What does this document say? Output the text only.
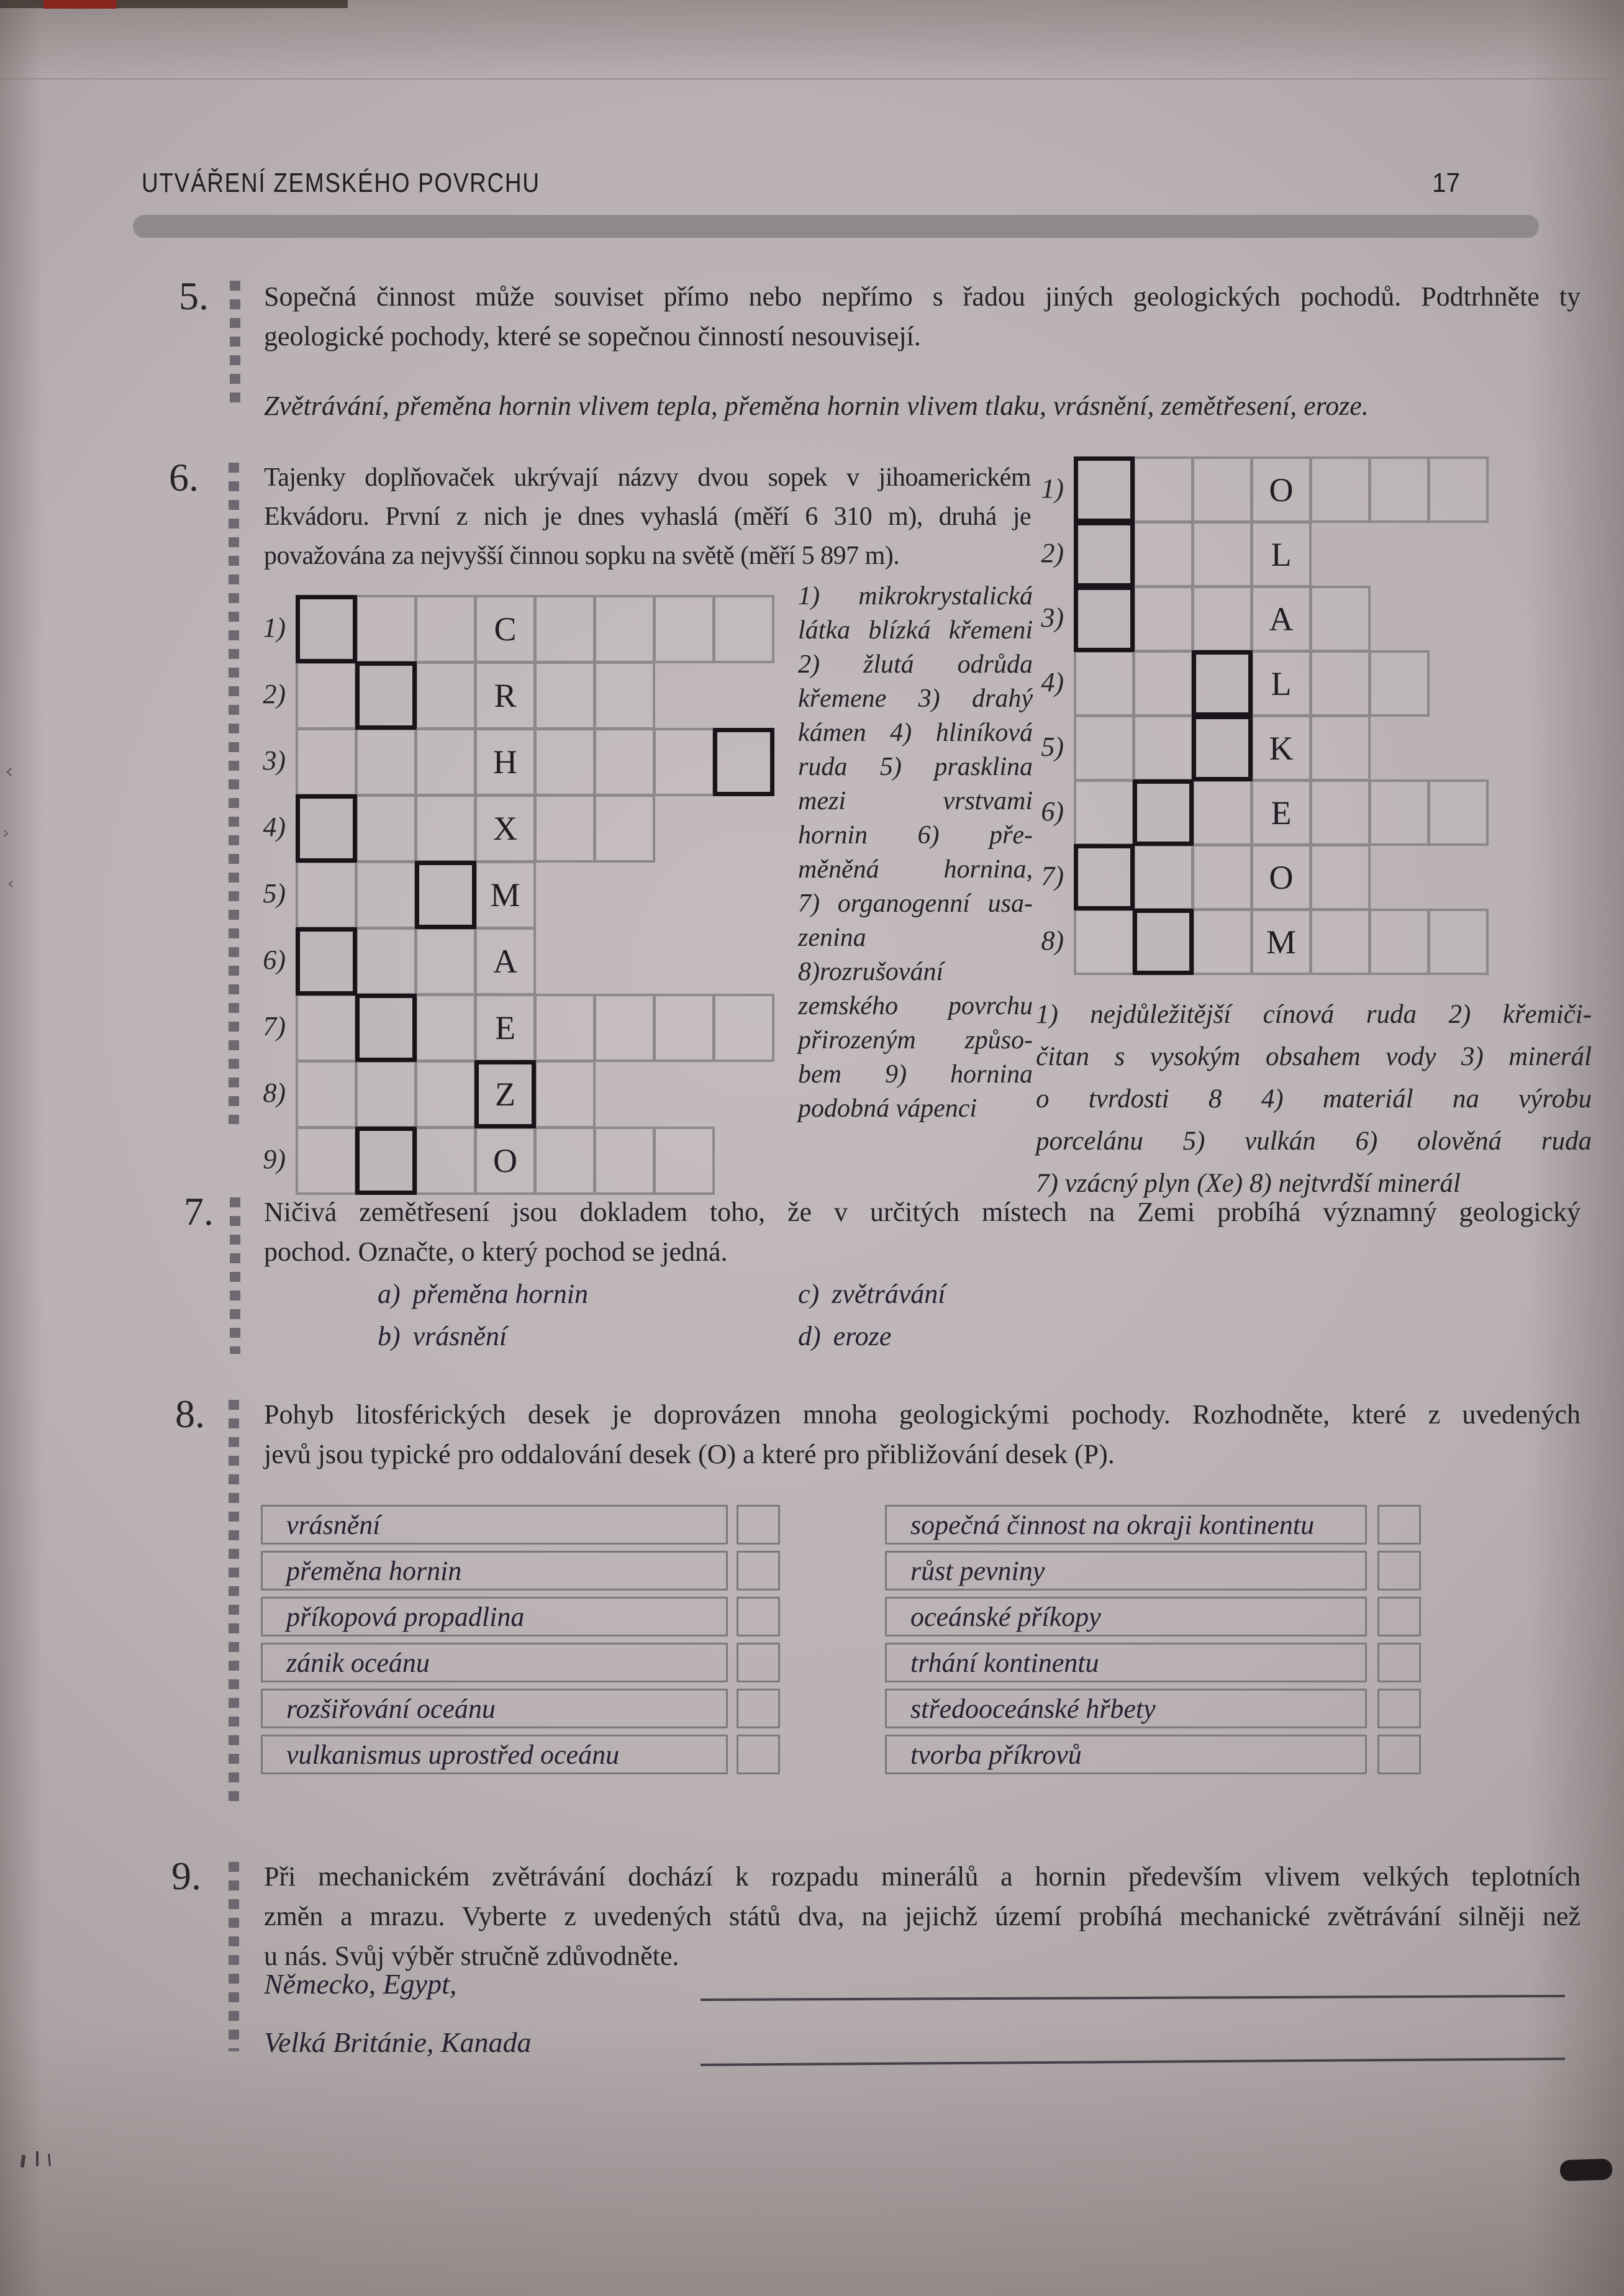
‹
›
‹
UTVÁŘENÍ ZEMSKÉHO POVRCHU	17
5. Sopečná činnost může souviset přímo nebo nepřímo s řadou jiných geologických pochodů. Podtrhněte ty
geologické pochody, které se sopečnou činností nesouvisejí.
Zvětrávání, přeměna hornin vlivem tepla, přeměna hornin vlivem tlaku, vrásnění, zemětřesení, eroze.
6.	Tajenky doplňovaček ukrývají názvy dvou sopek v jihoamerickém
Ekvádoru. První z nich je dnes vyhaslá (měří 6 310 m), druhá je
považována za nejvyšší činnou sopku na světě (měří 5 897 m).
1)	C
2)	R
3)	H
4)	X
5)	M
6)	A
7)	E
8)	Z
9)	O
1) mikrokrystalická
látka blízká křemeni
2) žlutá odrůda
křemene 3) drahý
kámen 4) hliníková
ruda 5) prasklina
mezi vrstvami
hornin 6) pře-
měněná hornina,
7) organogenní usa-
zenina
8)rozrušování
zemského povrchu
přirozeným způso-
bem 9) hornina
podobná vápenci
1)	O
2)	L
3)	A
4)	L
5)	K
6)	E
7)	O
8)	M
1) nejdůležitější cínová ruda 2) křemiči-
čitan s vysokým obsahem vody 3) minerál
o tvrdosti 8 4) materiál na výrobu
porcelánu 5) vulkán 6) olověná ruda
7) vzácný plyn (Xe) 8) nejtvrdší minerál
7. Ničivá zemětřesení jsou dokladem toho, že v určitých místech na Zemi probíhá významný geologický
pochod. Označte, o který pochod se jedná.
a) přeměna hornin
b) vrásnění
c) zvětrávání
d) eroze
8. Pohyb litosférických desek je doprovázen mnoha geologickými pochody. Rozhodněte, které z uvedených
jevů jsou typické pro oddalování desek (O) a které pro přibližování desek (P).
vrásnění
přeměna hornin
příkopová propadlina
zánik oceánu
rozšiřování oceánu
vulkanismus uprostřed oceánu
sopečná činnost na okraji kontinentu
růst pevniny
oceánské příkopy
trhání kontinentu
středooceánské hřbety
tvorba příkrovů
9. Při mechanickém zvětrávání dochází k rozpadu minerálů a hornin především vlivem velkých teplotních
změn a mrazu. Vyberte z uvedených států dva, na jejichž území probíhá mechanické zvětrávání silněji než
u nás. Svůj výběr stručně zdůvodněte.
Německo, Egypt,
Velká Británie, Kanada
